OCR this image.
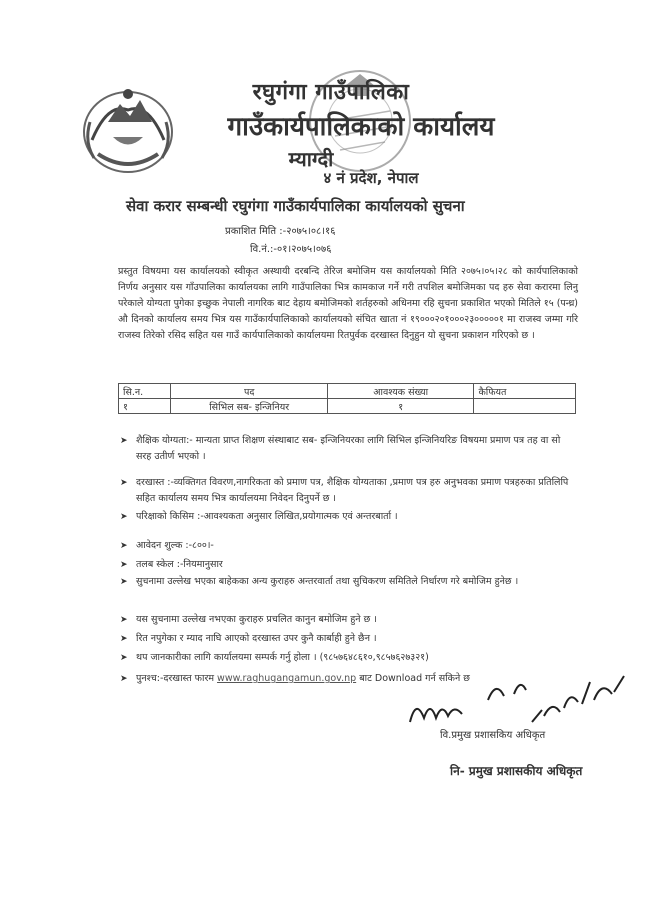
रघुगंगा गाउँपालिका
गाउँकार्यपालिकाको कार्यालय
म्याग्दी
४ नं प्रदेश, नेपाल
सेवा करार सम्बन्धी रघुगंगा गाउँकार्यपालिका कार्यालयको सुचना
प्रकाशित मिति :-२०७५।०८।१६
वि.नं.:-०१।२०७५।०७६
प्रस्तुत विषयमा यस कार्यालयको स्वीकृत अस्थायी दरबन्दि तेरिज बमोजिम यस कार्यालयको मिति २०७५।०५।२८ को कार्यपालिकाको निर्णय अनुसार यस गाँउपालिका कार्यालयका लागि गाउँपालिका भित्र कामकाज गर्ने गरी तपशिल बमोजिमका पद हरु सेवा करारमा लिनु परेकाले योग्यता पुगेका इच्छुक नेपाली नागरिक बाट देहाय बमोजिमको शर्तहरुको अधिनमा रहि सुचना प्रकाशित भएको मितिले १५ (पन्ध्र) औ दिनको कार्यालय समय भित्र यस गाउँकार्यपालिकाको कार्यालयको संचित खाता नं १९०००२०१०००२३०००००१ मा राजस्व जम्मा गरि राजस्व तिरेको रसिद सहित यस गाउँ कार्यपालिकाको कार्यालयमा रितपुर्वक दरखास्त दिनुहुन यो सुचना प्रकाशन गरिएको छ ।
सि.न.	पद	आवश्यक संख्या	कैफियत
१	सिभिल सब- इन्जिनियर	१	
➤ शैक्षिक योग्यता:- मान्यता प्राप्त शिक्षण संस्थाबाट सब- इन्जिनियरका लागि सिभिल इन्जिनियरिङ विषयमा प्रमाण पत्र तह वा सो सरह उतीर्ण भएको ।
➤ दरखास्त :-व्यक्तिगत विवरण,नागरिकता को प्रमाण पत्र, शैक्षिक योग्यताका ,प्रमाण पत्र हरु अनुभवका प्रमाण पत्रहरुका प्रतिलिपि सहित कार्यालय समय भित्र कार्यालयमा निवेदन दिनुपर्ने छ ।
➤ परिक्षाको किसिम :-आवश्यकता अनुसार लिखित,प्रयोगात्मक एवं अन्तरबार्ता ।
➤ आवेदन शुल्क :-८००।-
➤ तलब स्केल :-नियमानुसार
➤ सुचनामा उल्लेख भएका बाहेकका अन्य कुराहरु अन्तरवार्ता तथा सुचिकरण समितिले निर्धारण गरे बमोजिम हुनेछ ।
➤ यस सुचनामा उल्लेख नभएका कुराहरु प्रचलित कानुन बमोजिम हुने छ ।
➤ रित नपुगेका र म्याद नाघि आएको दरखास्त उपर कुनै कार्बाही हुने छैन ।
➤ थप जानकारीका लागि कार्यालयमा सम्पर्क गर्नु होला । (९८५७६४८६१०,९८५७६२७३२१)
➤ पुनश्च:-दरखास्त फारम www.raghugangamun.gov.np बाट Download गर्न सकिने छ
वि.प्रमुख प्रशासकिय अधिकृत
नि- प्रमुख प्रशासकीय अधिकृत
